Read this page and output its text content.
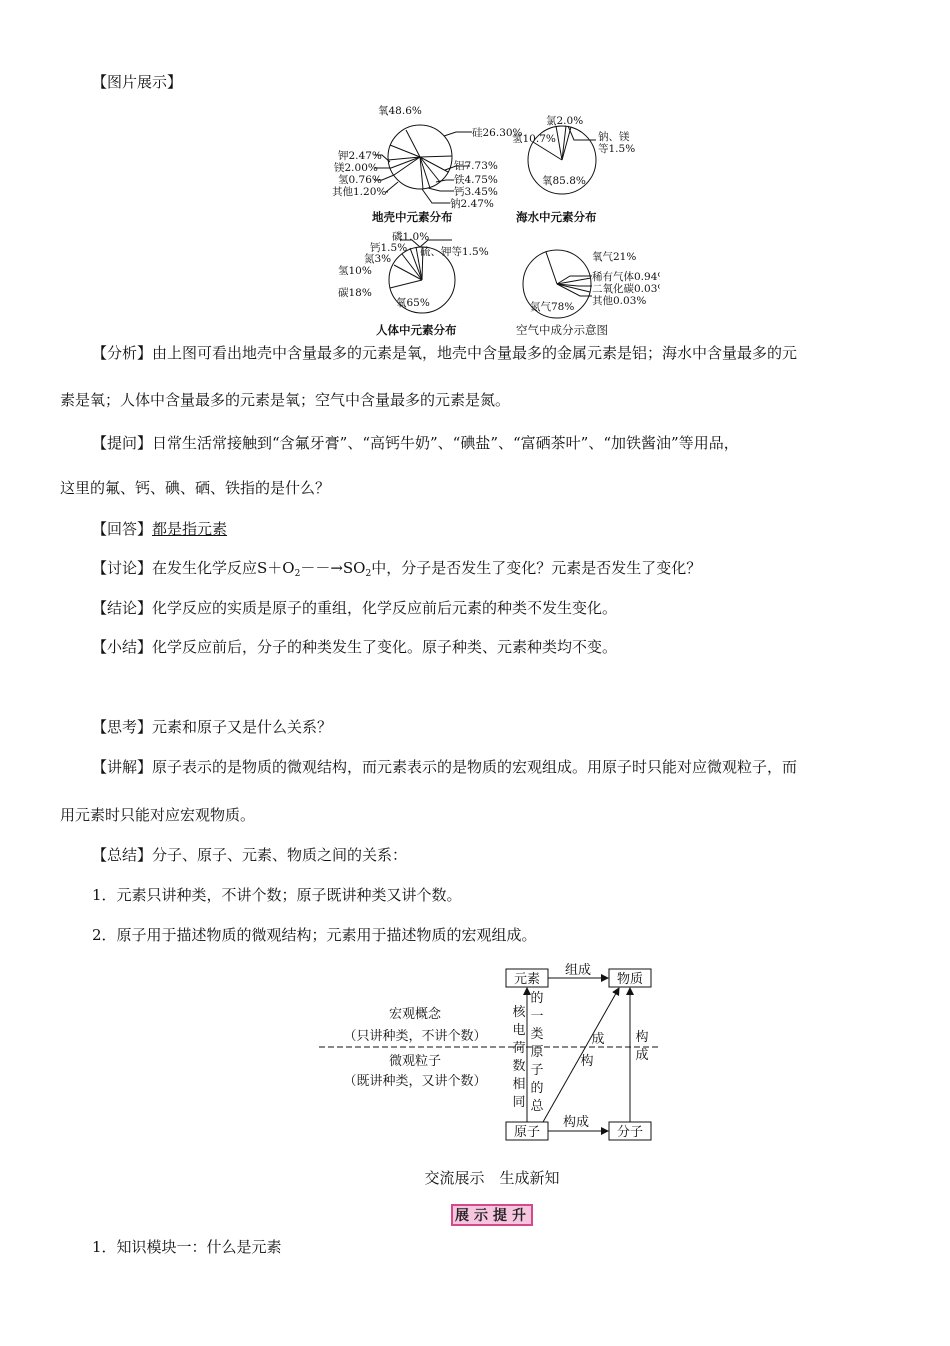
【图片展示】
氧48.6%
硅26.30%
铝7.73%
铁4.75%
钙3.45%
钠2.47%
钾2.47%
镁2.00%
氢0.76%
其他1.20%
地壳中元素分布
氯2.0%
氢10.7%	钠、镁
等1.5%
氧85.8%
海水中元素分布
磷1.0%
钙1.5% 硫、钾等1.5%
氮3%
氢10%
碳18%
氧65%
人体中元素分布
氧气21%
稀有气体0.94%
二氧化碳0.03%
其他0.03%
氮气78%
空气中成分示意图
【分析】由上图可看出地壳中含量最多的元素是氧，地壳中含量最多的金属元素是铝；海水中含量最多的元
素是氧；人体中含量最多的元素是氧；空气中含量最多的元素是氮。
【提问】日常生活常接触到“含氟牙膏”、“高钙牛奶”、“碘盐”、“富硒茶叶”、“加铁酱油”等用品，
这里的氟、钙、碘、硒、铁指的是什么？
【回答】都是指元素
【讨论】在发生化学反应$S+O_2--\to SO_2$中，分子是否发生了变化？元素是否发生了变化？
【结论】化学反应的实质是原子的重组，化学反应前后元素的种类不发生变化。
【小结】化学反应前后，分子的种类发生了变化。原子种类、元素种类均不变。
【思考】元素和原子又是什么关系？
【讲解】原子表示的是物质的微观结构，而元素表示的是物质的宏观组成。用原子时只能对应微观粒子，而
用元素时只能对应宏观物质。
【总结】分子、原子、元素、物质之间的关系：
1．元素只讲种类，不讲个数；原子既讲种类又讲个数。
2．原子用于描述物质的微观结构；元素用于描述物质的宏观组成。
宏观概念
（只讲种类，不讲个数）
微观粒子
（既讲种类，又讲个数）
元素	物质
原子	分子
组成
构成
成
构
构
成
核
电
荷
数
相
同
的
一
类
原
子
的
总
交流展示　生成新知
展 示 提 升
1．知识模块一：什么是元素
